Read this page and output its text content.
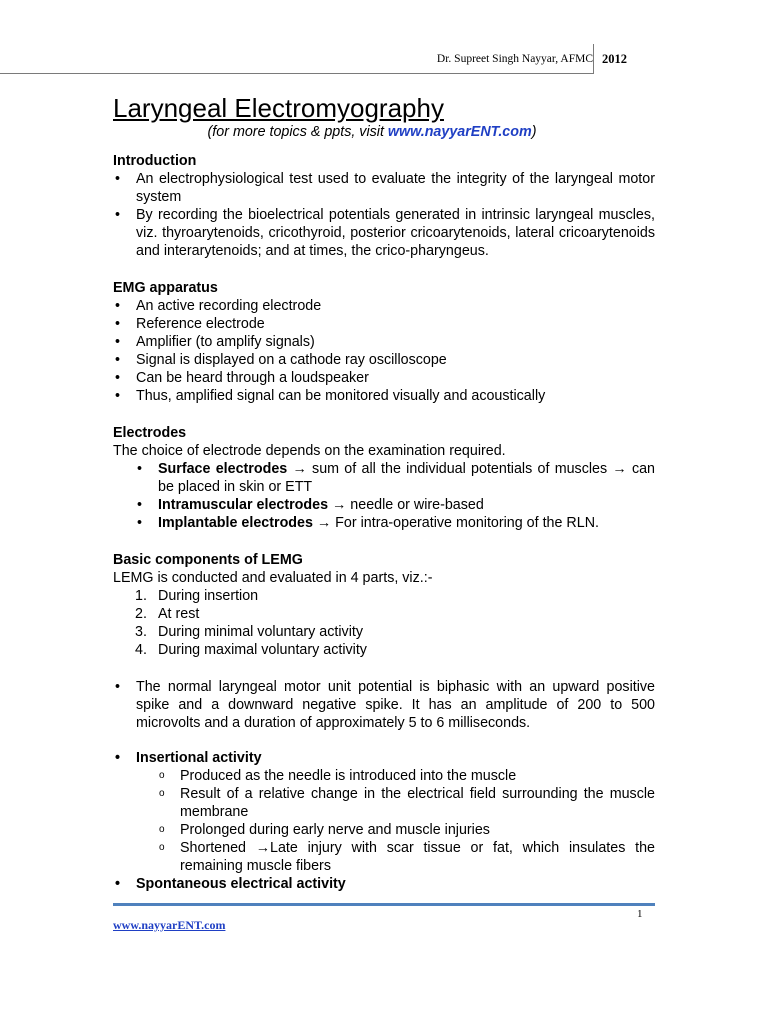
Dr. Supreet Singh Nayyar, AFMC 2012
Laryngeal Electromyography

(for more topics & ppts, visit www.nayyarENT.com)

Introduction

• An electrophysiological test used to evaluate the integrity of the laryngeal motor system
• By recording the bioelectrical potentials generated in intrinsic laryngeal muscles, viz. thyroarytenoids, cricothyroid, posterior cricoarytenoids, lateral cricoarytenoids and interarytenoids; and at times, the crico-pharyngeus.

EMG apparatus

• An active recording electrode
• Reference electrode
• Amplifier (to amplify signals)
• Signal is displayed on a cathode ray oscilloscope
• Can be heard through a loudspeaker
• Thus, amplified signal can be monitored visually and acoustically

Electrodes

The choice of electrode depends on the examination required.

• Surface electrodes → sum of all the individual potentials of muscles → can be placed in skin or ETT
• Intramuscular electrodes → needle or wire-based
• Implantable electrodes → For intra-operative monitoring of the RLN.

Basic components of LEMG

LEMG is conducted and evaluated in 4 parts, viz.:-

1. During insertion
2. At rest
3. During minimal voluntary activity
4. During maximal voluntary activity
• The normal laryngeal motor unit potential is biphasic with an upward positive spike and a downward negative spike. It has an amplitude of 200 to 500 microvolts and a duration of approximately 5 to 6 milliseconds.
• Insertional activity
o Produced as the needle is introduced into the muscle
o Result of a relative change in the electrical field surrounding the muscle membrane
o Prolonged during early nerve and muscle injuries
o Shortened →Late injury with scar tissue or fat, which insulates the remaining muscle fibers
• Spontaneous electrical activity
1
www.nayyarENT.com
